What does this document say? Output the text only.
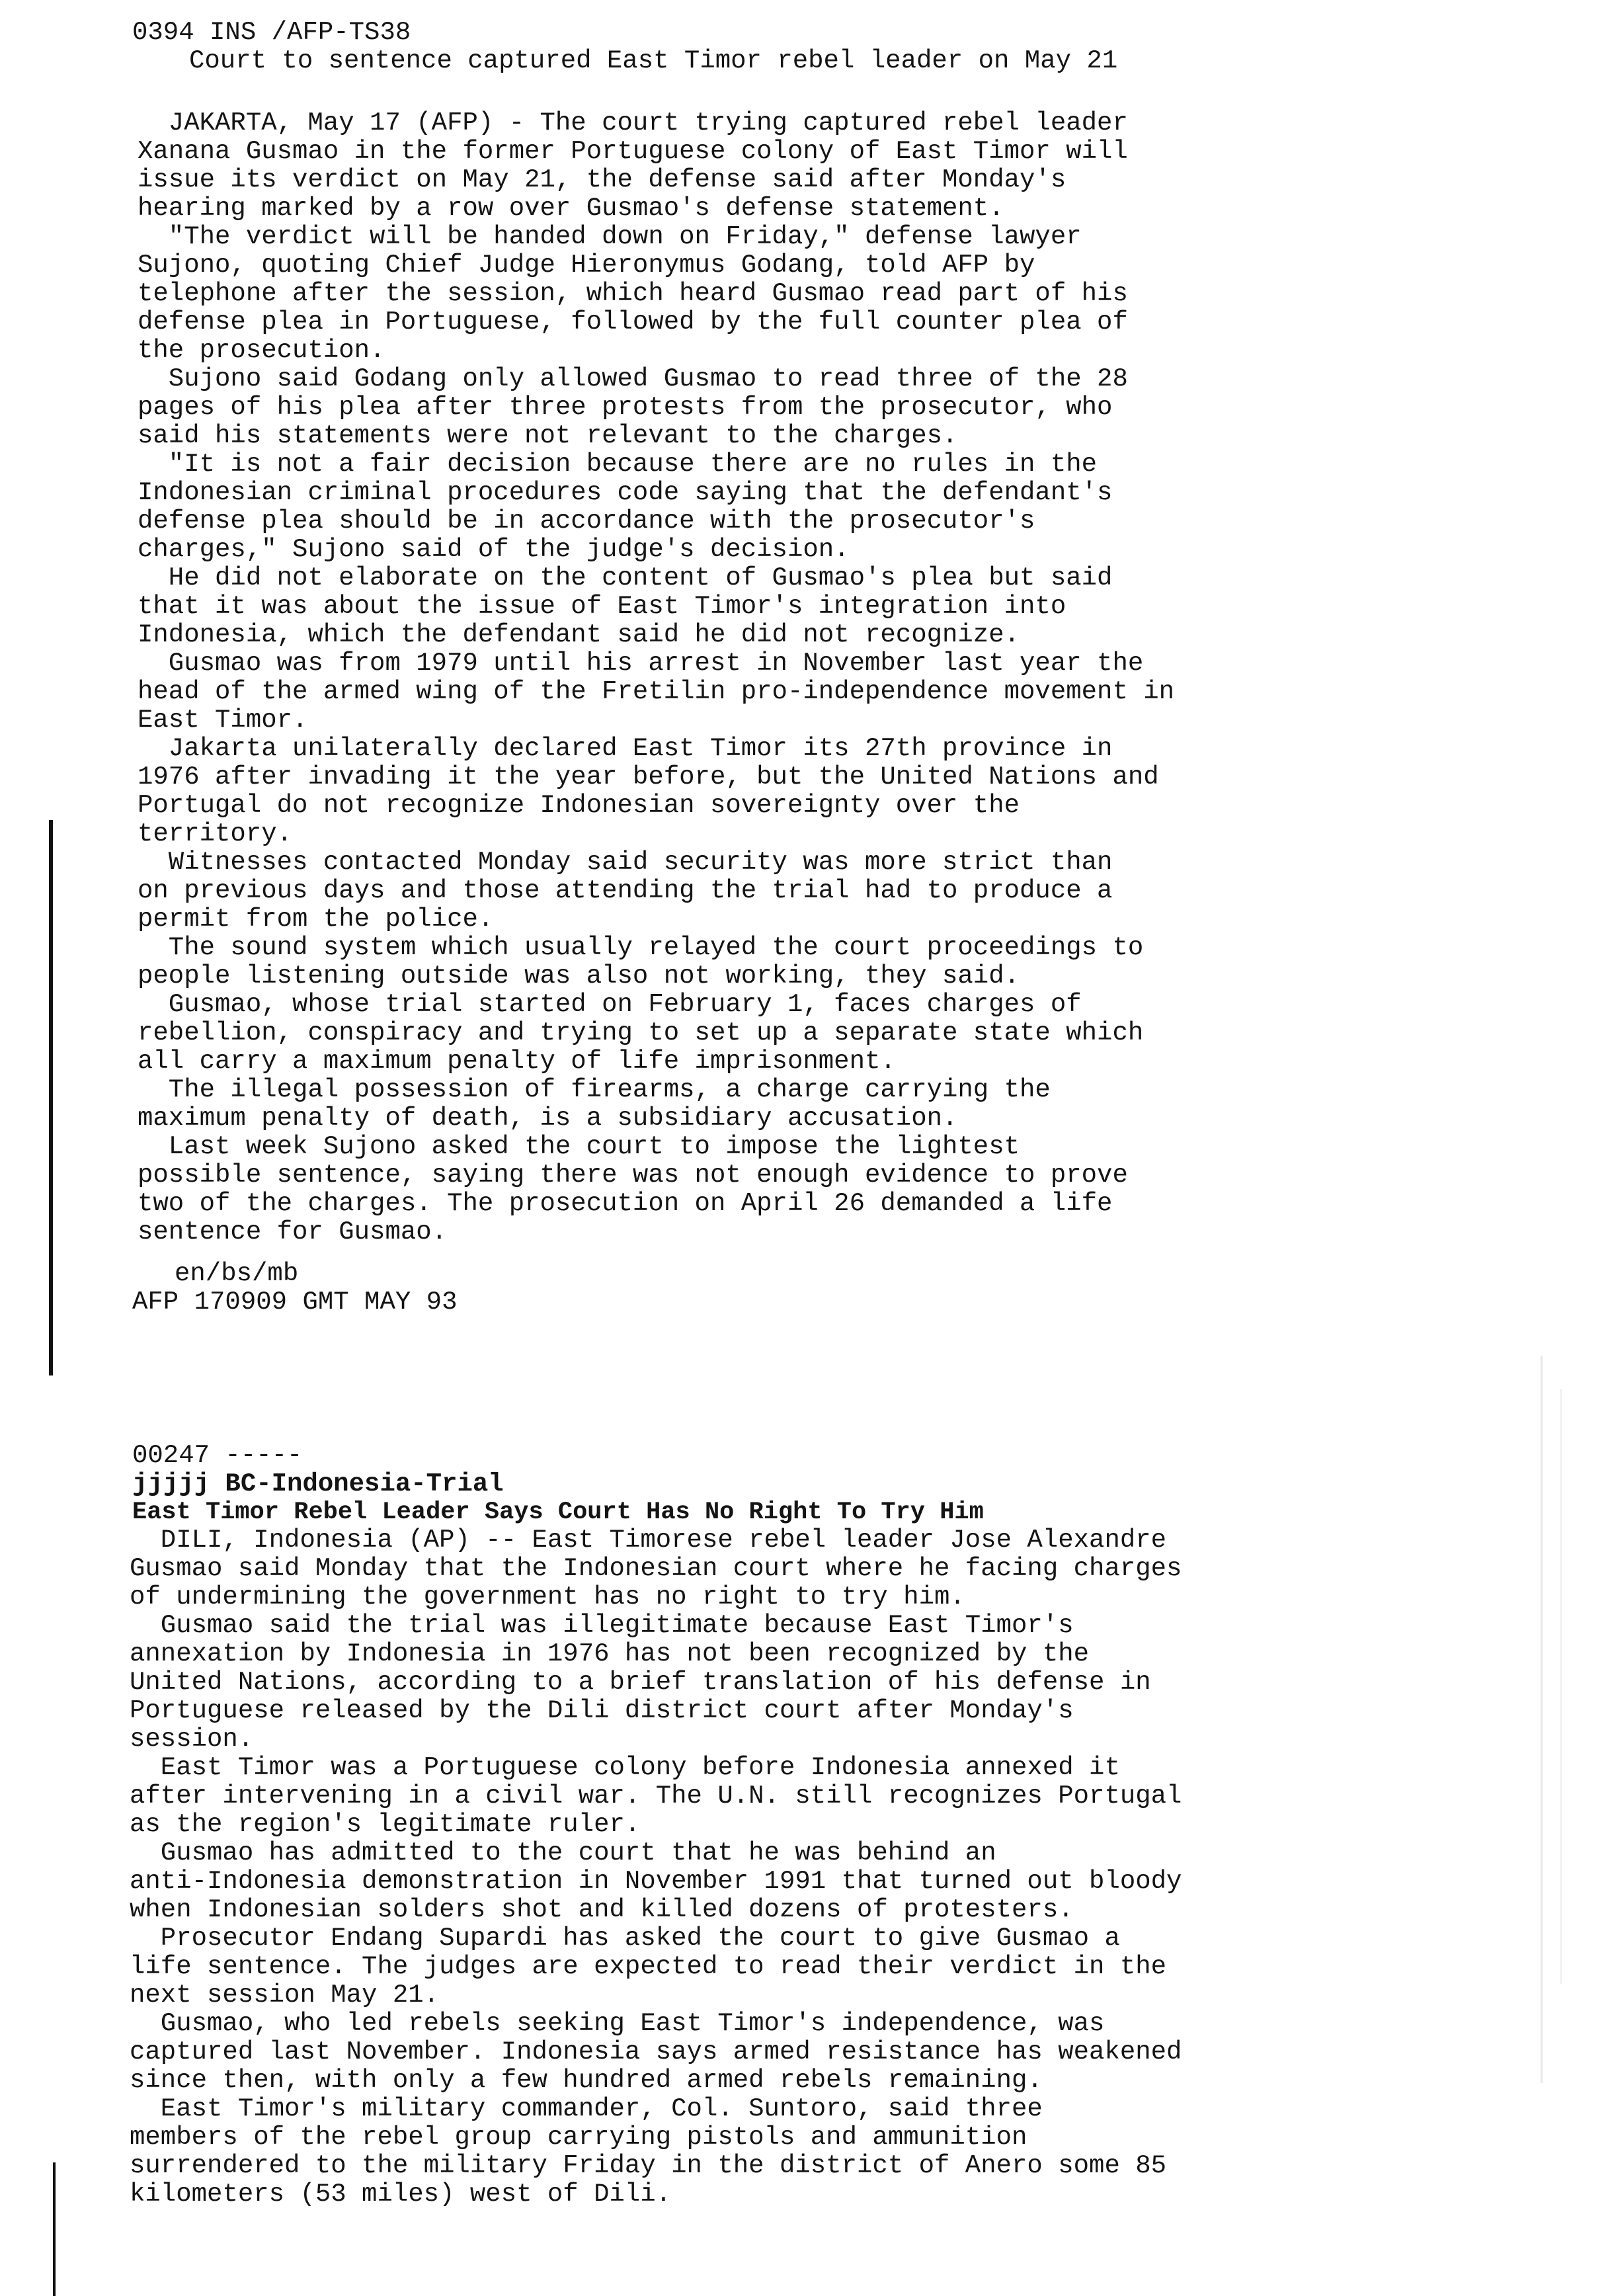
0394 INS /AFP-TS38
Court to sentence captured East Timor rebel leader on May 21
JAKARTA, May 17 (AFP) - The court trying captured rebel leader
Xanana Gusmao in the former Portuguese colony of East Timor will
issue its verdict on May 21, the defense said after Monday's
hearing marked by a row over Gusmao's defense statement.
"The verdict will be handed down on Friday," defense lawyer
Sujono, quoting Chief Judge Hieronymus Godang, told AFP by
telephone after the session, which heard Gusmao read part of his
defense plea in Portuguese, followed by the full counter plea of
the prosecution.
Sujono said Godang only allowed Gusmao to read three of the 28
pages of his plea after three protests from the prosecutor, who
said his statements were not relevant to the charges.
"It is not a fair decision because there are no rules in the
Indonesian criminal procedures code saying that the defendant's
defense plea should be in accordance with the prosecutor's
charges," Sujono said of the judge's decision.
He did not elaborate on the content of Gusmao's plea but said
that it was about the issue of East Timor's integration into
Indonesia, which the defendant said he did not recognize.
Gusmao was from 1979 until his arrest in November last year the
head of the armed wing of the Fretilin pro-independence movement in
East Timor.
Jakarta unilaterally declared East Timor its 27th province in
1976 after invading it the year before, but the United Nations and
Portugal do not recognize Indonesian sovereignty over the
territory.
Witnesses contacted Monday said security was more strict than
on previous days and those attending the trial had to produce a
permit from the police.
The sound system which usually relayed the court proceedings to
people listening outside was also not working, they said.
Gusmao, whose trial started on February 1, faces charges of
rebellion, conspiracy and trying to set up a separate state which
all carry a maximum penalty of life imprisonment.
The illegal possession of firearms, a charge carrying the
maximum penalty of death, is a subsidiary accusation.
Last week Sujono asked the court to impose the lightest
possible sentence, saying there was not enough evidence to prove
two of the charges. The prosecution on April 26 demanded a life
sentence for Gusmao.
en/bs/mb
AFP 170909 GMT MAY 93
00247 -----
jjjjj BC-Indonesia-Trial
East Timor Rebel Leader Says Court Has No Right To Try Him
DILI, Indonesia (AP) -- East Timorese rebel leader Jose Alexandre
Gusmao said Monday that the Indonesian court where he facing charges
of undermining the government has no right to try him.
Gusmao said the trial was illegitimate because East Timor's
annexation by Indonesia in 1976 has not been recognized by the
United Nations, according to a brief translation of his defense in
Portuguese released by the Dili district court after Monday's
session.
East Timor was a Portuguese colony before Indonesia annexed it
after intervening in a civil war. The U.N. still recognizes Portugal
as the region's legitimate ruler.
Gusmao has admitted to the court that he was behind an
anti-Indonesia demonstration in November 1991 that turned out bloody
when Indonesian solders shot and killed dozens of protesters.
Prosecutor Endang Supardi has asked the court to give Gusmao a
life sentence. The judges are expected to read their verdict in the
next session May 21.
Gusmao, who led rebels seeking East Timor's independence, was
captured last November. Indonesia says armed resistance has weakened
since then, with only a few hundred armed rebels remaining.
East Timor's military commander, Col. Suntoro, said three
members of the rebel group carrying pistols and ammunition
surrendered to the military Friday in the district of Anero some 85
kilometers (53 miles) west of Dili.
